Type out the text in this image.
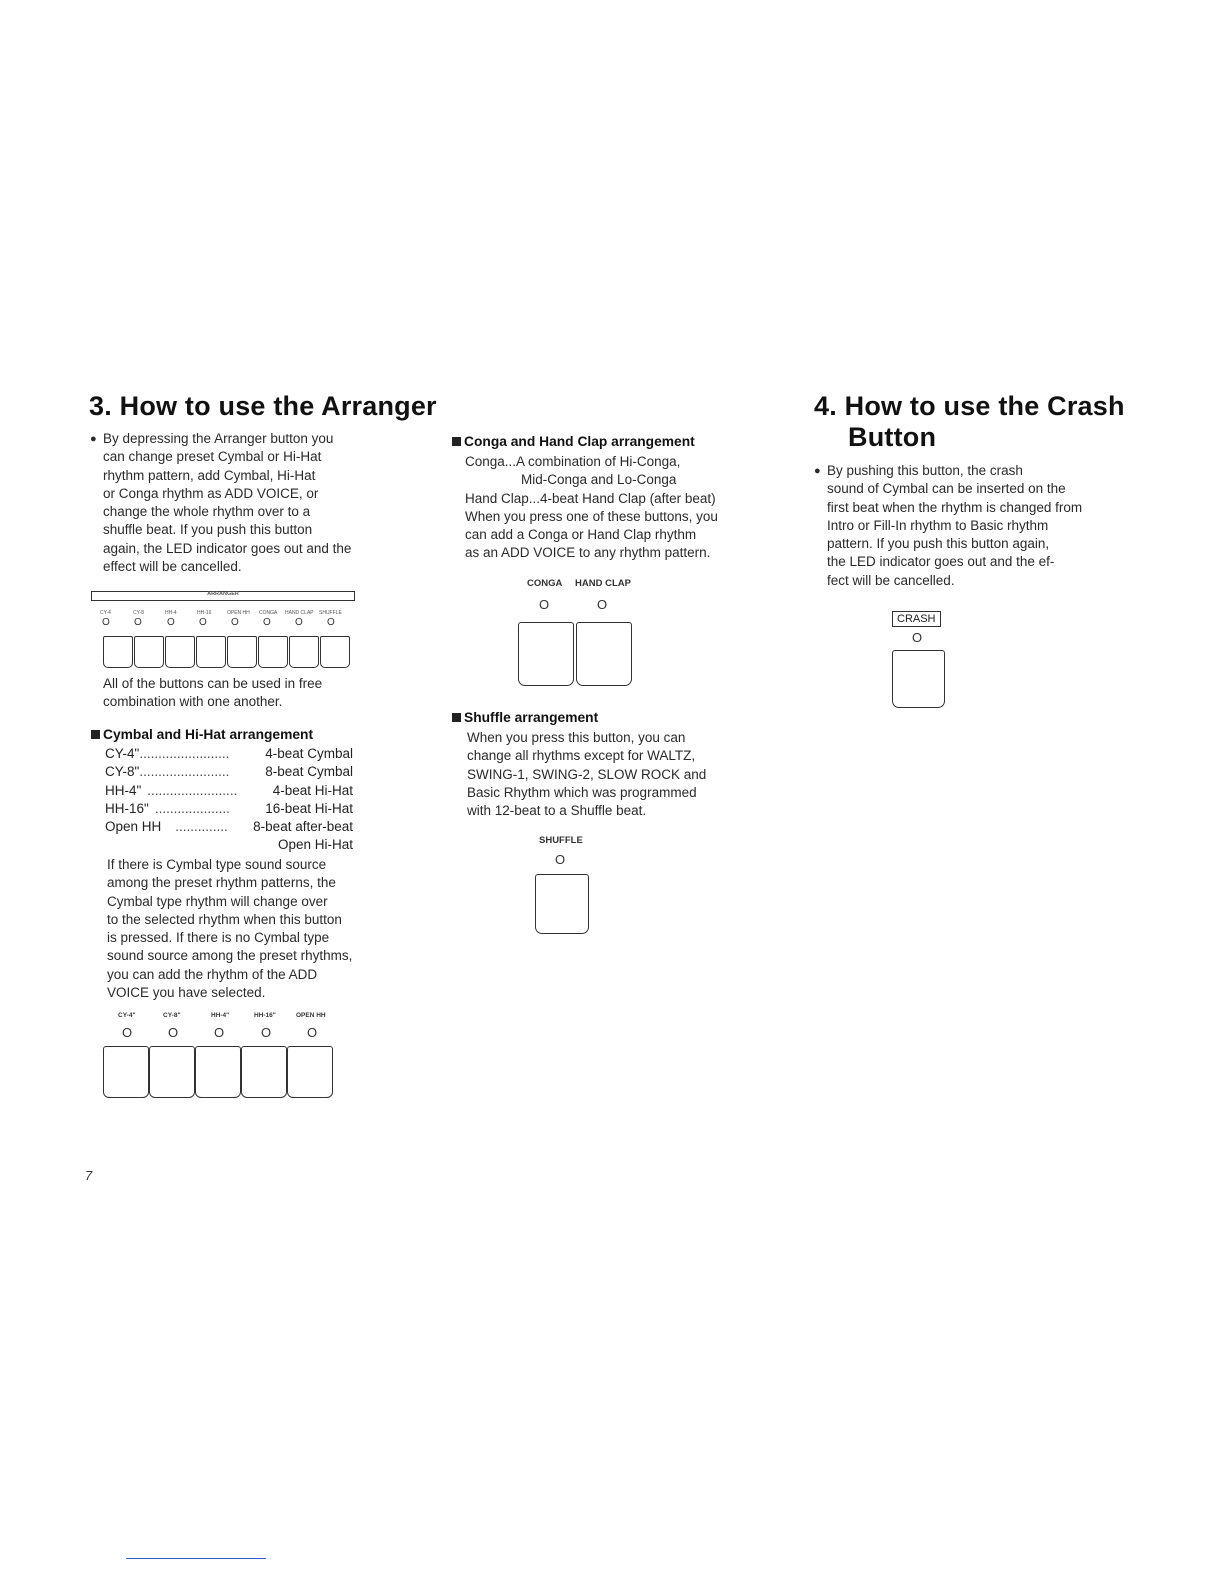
3. How to use the Arranger
● By depressing the Arranger button you
can change preset Cymbal or Hi-Hat
rhythm pattern, add Cymbal, Hi-Hat
or Conga rhythm as ADD VOICE, or
change the whole rhythm over to a
shuffle beat. If you push this button
again, the LED indicator goes out and the
effect will be cancelled.
ARRANGER
CY-4	CY-8	HH-4	HH-16	OPEN HH CONGA HAND CLAP SHUFFLE
O O	O O O O O O
All of the buttons can be used in free
combination with one another.
Cymbal and Hi-Hat arrangement
CY-4" ........................	4-beat Cymbal
CY-8" ........................	8-beat Cymbal
HH-4" ........................	4-beat Hi-Hat
HH-16" ....................	16-beat Hi-Hat
Open HH	..............	8-beat after-beat
Open Hi-Hat
If there is Cymbal type sound source
among the preset rhythm patterns, the
Cymbal type rhythm will change over
to the selected rhythm when this button
is pressed. If there is no Cymbal type
sound source among the preset rhythms,
you can add the rhythm of the ADD
VOICE you have selected.
CY-4"	CY-8"	HH-4"	HH-16"	OPEN HH
O	O	O	O	O
Conga and Hand Clap arrangement
Conga...A combination of Hi-Conga,
Mid-Conga and Lo-Conga
Hand Clap...4-beat Hand Clap (after beat)
When you press one of these buttons, you
can add a Conga or Hand Clap rhythm
as an ADD VOICE to any rhythm pattern.
CONGA HAND CLAP
O	O
Shuffle arrangement
When you press this button, you can
change all rhythms except for WALTZ,
SWING-1, SWING-2, SLOW ROCK and
Basic Rhythm which was programmed
with 12-beat to a Shuffle beat.
SHUFFLE
O
4. How to use the Crash
Button
● By pushing this button, the crash
sound of Cymbal can be inserted on the
first beat when the rhythm is changed from
Intro or Fill-In rhythm to Basic rhythm
pattern. If you push this button again,
the LED indicator goes out and the ef-
fect will be cancelled.
CRASH
O
7
